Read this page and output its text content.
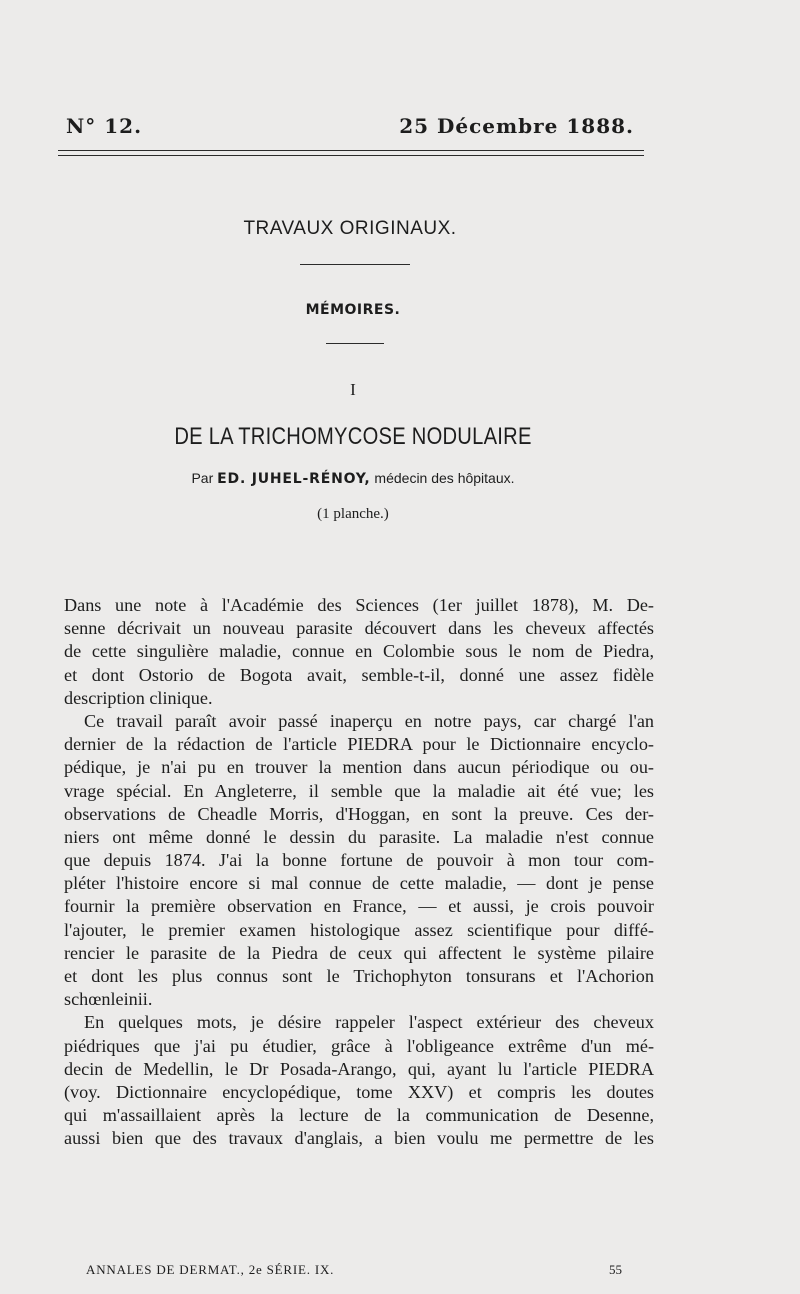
N° 12.	25 Décembre 1888.
TRAVAUX ORIGINAUX.
MÉMOIRES.
I
DE LA TRICHOMYCOSE NODULAIRE
Par ED. JUHEL-RÉNOY, médecin des hôpitaux.
(1 planche.)
Dans une note à l'Académie des Sciences (1er juillet 1878), M. De-
senne décrivait un nouveau parasite découvert dans les cheveux affectés
de cette singulière maladie, connue en Colombie sous le nom de Piedra,
et dont Ostorio de Bogota avait, semble-t-il, donné une assez fidèle
description clinique.
Ce travail paraît avoir passé inaperçu en notre pays, car chargé l'an
dernier de la rédaction de l'article PIEDRA pour le Dictionnaire encyclo-
pédique, je n'ai pu en trouver la mention dans aucun périodique ou ou-
vrage spécial. En Angleterre, il semble que la maladie ait été vue; les
observations de Cheadle Morris, d'Hoggan, en sont la preuve. Ces der-
niers ont même donné le dessin du parasite. La maladie n'est connue
que depuis 1874. J'ai la bonne fortune de pouvoir à mon tour com-
pléter l'histoire encore si mal connue de cette maladie, — dont je pense
fournir la première observation en France, — et aussi, je crois pouvoir
l'ajouter, le premier examen histologique assez scientifique pour diffé-
rencier le parasite de la Piedra de ceux qui affectent le système pilaire
et dont les plus connus sont le Trichophyton tonsurans et l'Achorion
schœnleinii.
En quelques mots, je désire rappeler l'aspect extérieur des cheveux
piédriques que j'ai pu étudier, grâce à l'obligeance extrême d'un mé-
decin de Medellin, le Dr Posada-Arango, qui, ayant lu l'article PIEDRA
(voy. Dictionnaire encyclopédique, tome XXV) et compris les doutes
qui m'assaillaient après la lecture de la communication de Desenne,
aussi bien que des travaux d'anglais, a bien voulu me permettre de les
ANNALES DE DERMAT., 2e SÉRIE. IX.	55
